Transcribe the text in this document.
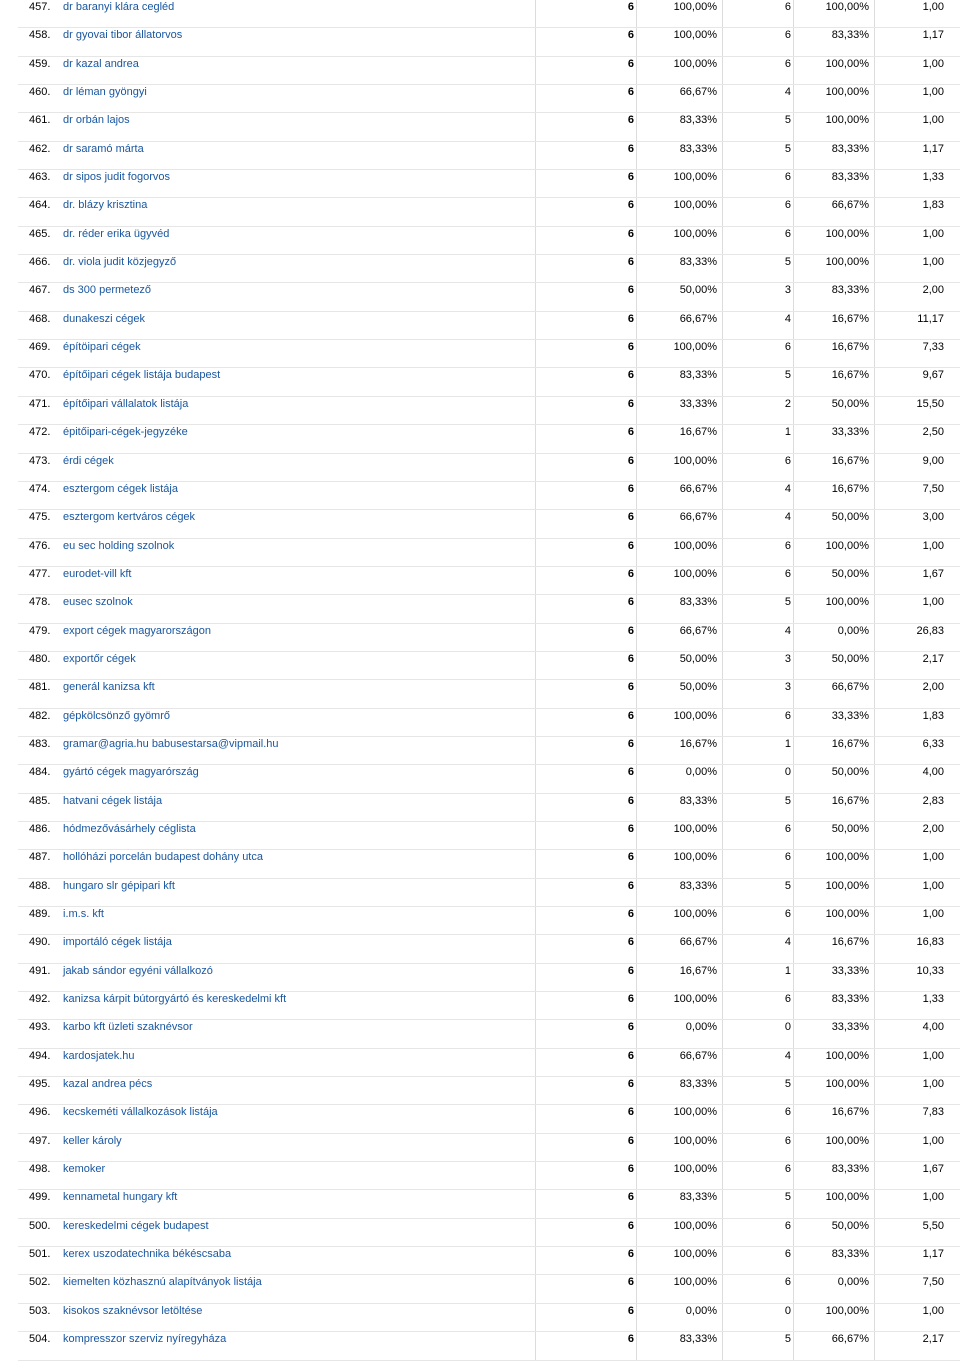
457. dr baranyi klára cegléd	6	100,00%	6	100,00%	1,00
458. dr gyovai tibor állatorvos	6	100,00%	6	83,33%	1,17
459. dr kazal andrea	6	100,00%	6	100,00%	1,00
460. dr léman gyöngyi	6	66,67%	4	100,00%	1,00
461. dr orbán lajos	6	83,33%	5	100,00%	1,00
462. dr saramó márta	6	83,33%	5	83,33%	1,17
463. dr sipos judit fogorvos	6	100,00%	6	83,33%	1,33
464. dr. blázy krisztina	6	100,00%	6	66,67%	1,83
465. dr. réder erika ügyvéd	6	100,00%	6	100,00%	1,00
466. dr. viola judit közjegyző	6	83,33%	5	100,00%	1,00
467. ds 300 permetező	6	50,00%	3	83,33%	2,00
468. dunakeszi cégek	6	66,67%	4	16,67%	11,17
469. építöipari cégek	6	100,00%	6	16,67%	7,33
470. építőipari cégek listája budapest	6	83,33%	5	16,67%	9,67
471. építőipari vállalatok listája	6	33,33%	2	50,00%	15,50
472. épitőipari-cégek-jegyzéke	6	16,67%	1	33,33%	2,50
473. érdi cégek	6	100,00%	6	16,67%	9,00
474. esztergom cégek listája	6	66,67%	4	16,67%	7,50
475. esztergom kertváros cégek	6	66,67%	4	50,00%	3,00
476. eu sec holding szolnok	6	100,00%	6	100,00%	1,00
477. eurodet-vill kft	6	100,00%	6	50,00%	1,67
478. eusec szolnok	6	83,33%	5	100,00%	1,00
479. export cégek magyarországon	6	66,67%	4	0,00%	26,83
480. exportőr cégek	6	50,00%	3	50,00%	2,17
481. generál kanizsa kft	6	50,00%	3	66,67%	2,00
482. gépkölcsönző gyömrő	6	100,00%	6	33,33%	1,83
483. gramar@agria.hu babusestarsa@vipmail.hu	6	16,67%	1	16,67%	6,33
484. gyártó cégek magyarórszág	6	0,00%	0	50,00%	4,00
485. hatvani cégek listája	6	83,33%	5	16,67%	2,83
486. hódmezővásárhely céglista	6	100,00%	6	50,00%	2,00
487. hollóházi porcelán budapest dohány utca	6	100,00%	6	100,00%	1,00
488. hungaro slr gépipari kft	6	83,33%	5	100,00%	1,00
489. i.m.s. kft	6	100,00%	6	100,00%	1,00
490. importáló cégek listája	6	66,67%	4	16,67%	16,83
491. jakab sándor egyéni vállalkozó	6	16,67%	1	33,33%	10,33
492. kanizsa kárpit bútorgyártó és kereskedelmi kft	6	100,00%	6	83,33%	1,33
493. karbo kft üzleti szaknévsor	6	0,00%	0	33,33%	4,00
494. kardosjatek.hu	6	66,67%	4	100,00%	1,00
495. kazal andrea pécs	6	83,33%	5	100,00%	1,00
496. kecskeméti vállalkozások listája	6	100,00%	6	16,67%	7,83
497. keller károly	6	100,00%	6	100,00%	1,00
498. kemoker	6	100,00%	6	83,33%	1,67
499. kennametal hungary kft	6	83,33%	5	100,00%	1,00
500. kereskedelmi cégek budapest	6	100,00%	6	50,00%	5,50
501. kerex uszodatechnika békéscsaba	6	100,00%	6	83,33%	1,17
502. kiemelten közhasznú alapítványok listája	6	100,00%	6	0,00%	7,50
503. kisokos szaknévsor letöltése	6	0,00%	0	100,00%	1,00
504. kompresszor szerviz nyíregyháza	6	83,33%	5	66,67%	2,17
